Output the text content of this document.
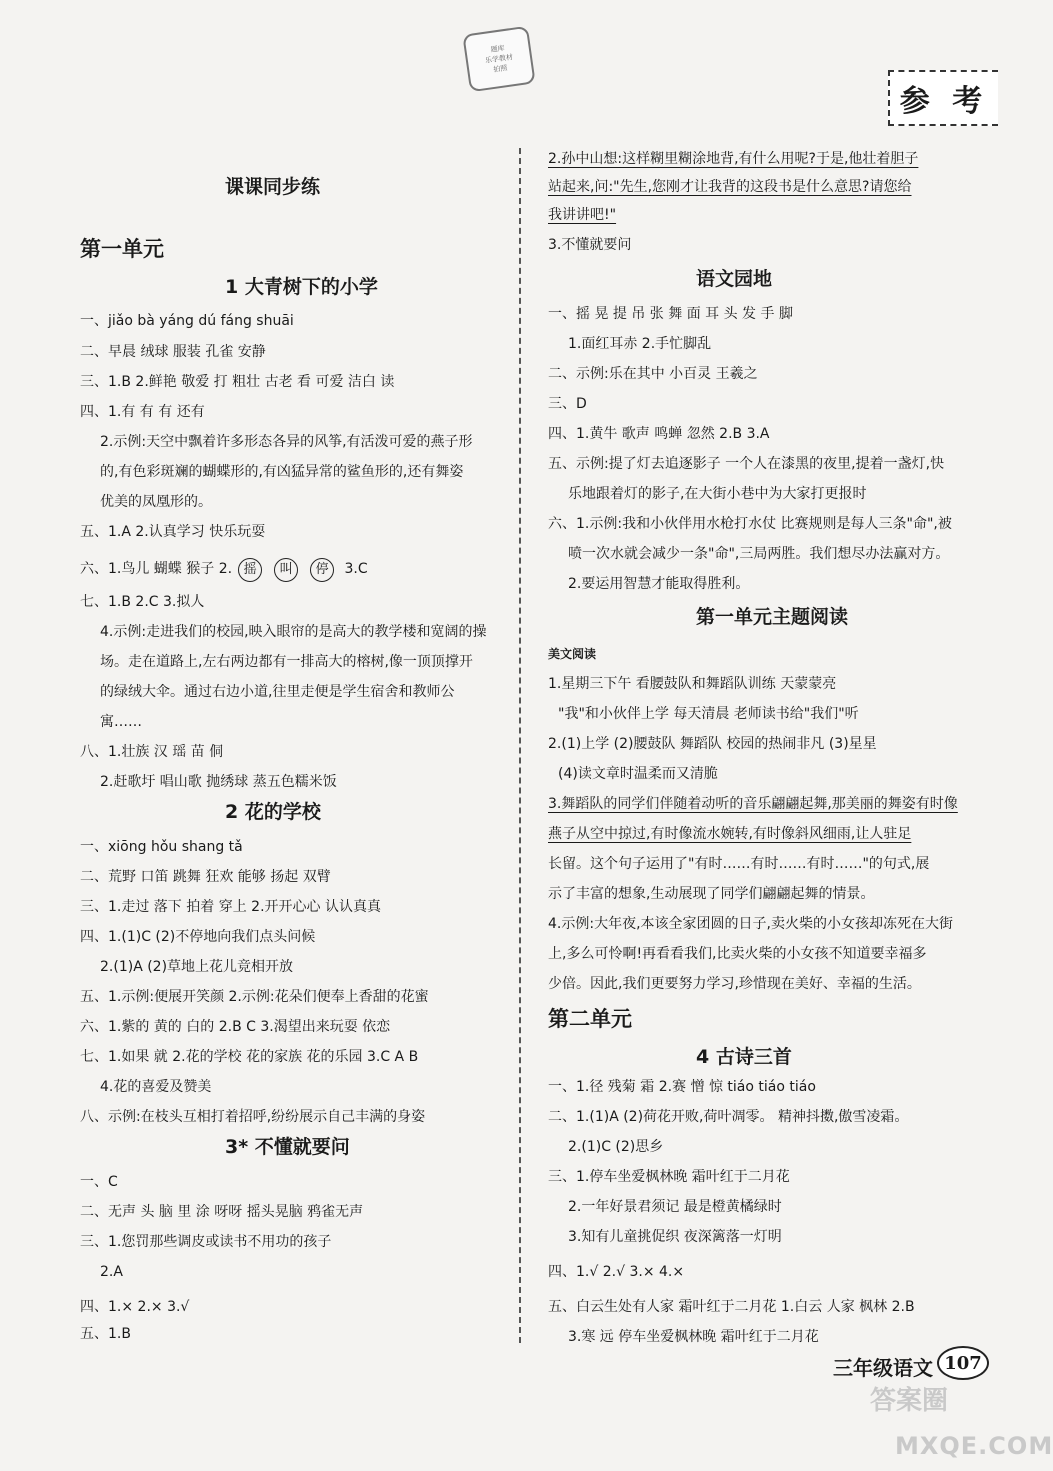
题库
乐学教材
拍照
参 考
课课同步练
第一单元
1 大青树下的小学
一、jiǎo bà yáng dú fáng shuāi
二、早晨 绒球 服装 孔雀 安静
三、1.B 2.鲜艳 敬爱 打 粗壮 古老 看 可爱 洁白 读
四、1.有 有 有 还有
2.示例:天空中飘着许多形态各异的风筝,有活泼可爱的燕子形
的,有色彩斑斓的蝴蝶形的,有凶猛异常的鲨鱼形的,还有舞姿
优美的凤凰形的。
五、1.A 2.认真学习 快乐玩耍
六、1.鸟儿 蝴蝶 猴子 2. 摇 叫 停 3.C
七、1.B 2.C 3.拟人
4.示例:走进我们的校园,映入眼帘的是高大的教学楼和宽阔的操
场。走在道路上,左右两边都有一排高大的榕树,像一顶顶撑开
的绿绒大伞。通过右边小道,往里走便是学生宿舍和教师公
寓……
八、1.壮族 汉 瑶 苗 侗
2.赶歌圩 唱山歌 抛绣球 蒸五色糯米饭
2 花的学校
一、xiōng hǒu shang tǎ
二、荒野 口笛 跳舞 狂欢 能够 扬起 双臂
三、1.走过 落下 拍着 穿上 2.开开心心 认认真真
四、1.(1)C (2)不停地向我们点头问候
2.(1)A (2)草地上花儿竞相开放
五、1.示例:便展开笑颜 2.示例:花朵们便奉上香甜的花蜜
六、1.紫的 黄的 白的 2.B C 3.渴望出来玩耍 依恋
七、1.如果 就 2.花的学校 花的家族 花的乐园 3.C A B
4.花的喜爱及赞美
八、示例:在枝头互相打着招呼,纷纷展示自己丰满的身姿
3* 不懂就要问
一、C
二、无声 头 脑 里 涂 呀呀 摇头晃脑 鸦雀无声
三、1.您罚那些调皮或读书不用功的孩子
2.A
四、1.× 2.× 3.√
五、1.B
2.孙中山想:这样糊里糊涂地背,有什么用呢?于是,他壮着胆子
站起来,问:"先生,您刚才让我背的这段书是什么意思?请您给
我讲讲吧!"
3.不懂就要问
语文园地
一、摇 晃 提 吊 张 舞 面 耳 头 发 手 脚
1.面红耳赤 2.手忙脚乱
二、示例:乐在其中 小百灵 王羲之
三、D
四、1.黄牛 歌声 鸣蝉 忽然 2.B 3.A
五、示例:提了灯去追逐影子 一个人在漆黑的夜里,提着一盏灯,快
乐地跟着灯的影子,在大街小巷中为大家打更报时
六、1.示例:我和小伙伴用水枪打水仗 比赛规则是每人三条"命",被
喷一次水就会减少一条"命",三局两胜。我们想尽办法赢对方。
2.要运用智慧才能取得胜利。
第一单元主题阅读
美文阅读
1.星期三下午 看腰鼓队和舞蹈队训练 天蒙蒙亮
"我"和小伙伴上学 每天清晨 老师读书给"我们"听
2.(1)上学 (2)腰鼓队 舞蹈队 校园的热闹非凡 (3)星星
(4)读文章时温柔而又清脆
3.舞蹈队的同学们伴随着动听的音乐翩翩起舞,那美丽的舞姿有时像
燕子从空中掠过,有时像流水婉转,有时像斜风细雨,让人驻足
长留。这个句子运用了"有时……有时……有时……"的句式,展
示了丰富的想象,生动展现了同学们翩翩起舞的情景。
4.示例:大年夜,本该全家团圆的日子,卖火柴的小女孩却冻死在大街
上,多么可怜啊!再看看我们,比卖火柴的小女孩不知道要幸福多
少倍。因此,我们更要努力学习,珍惜现在美好、幸福的生活。
第二单元
4 古诗三首
一、1.径 残菊 霜 2.赛 憎 惊 tiáo tiáo tiáo
二、1.(1)A (2)荷花开败,荷叶凋零。 精神抖擞,傲雪凌霜。
2.(1)C (2)思乡
三、1.停车坐爱枫林晚 霜叶红于二月花
2.一年好景君须记 最是橙黄橘绿时
3.知有儿童挑促织 夜深篱落一灯明
四、1.√ 2.√ 3.× 4.×
五、白云生处有人家 霜叶红于二月花 1.白云 人家 枫林 2.B
3.寒 远 停车坐爱枫林晚 霜叶红于二月花
三年级语文 107
答案圈
MXQE.COM
